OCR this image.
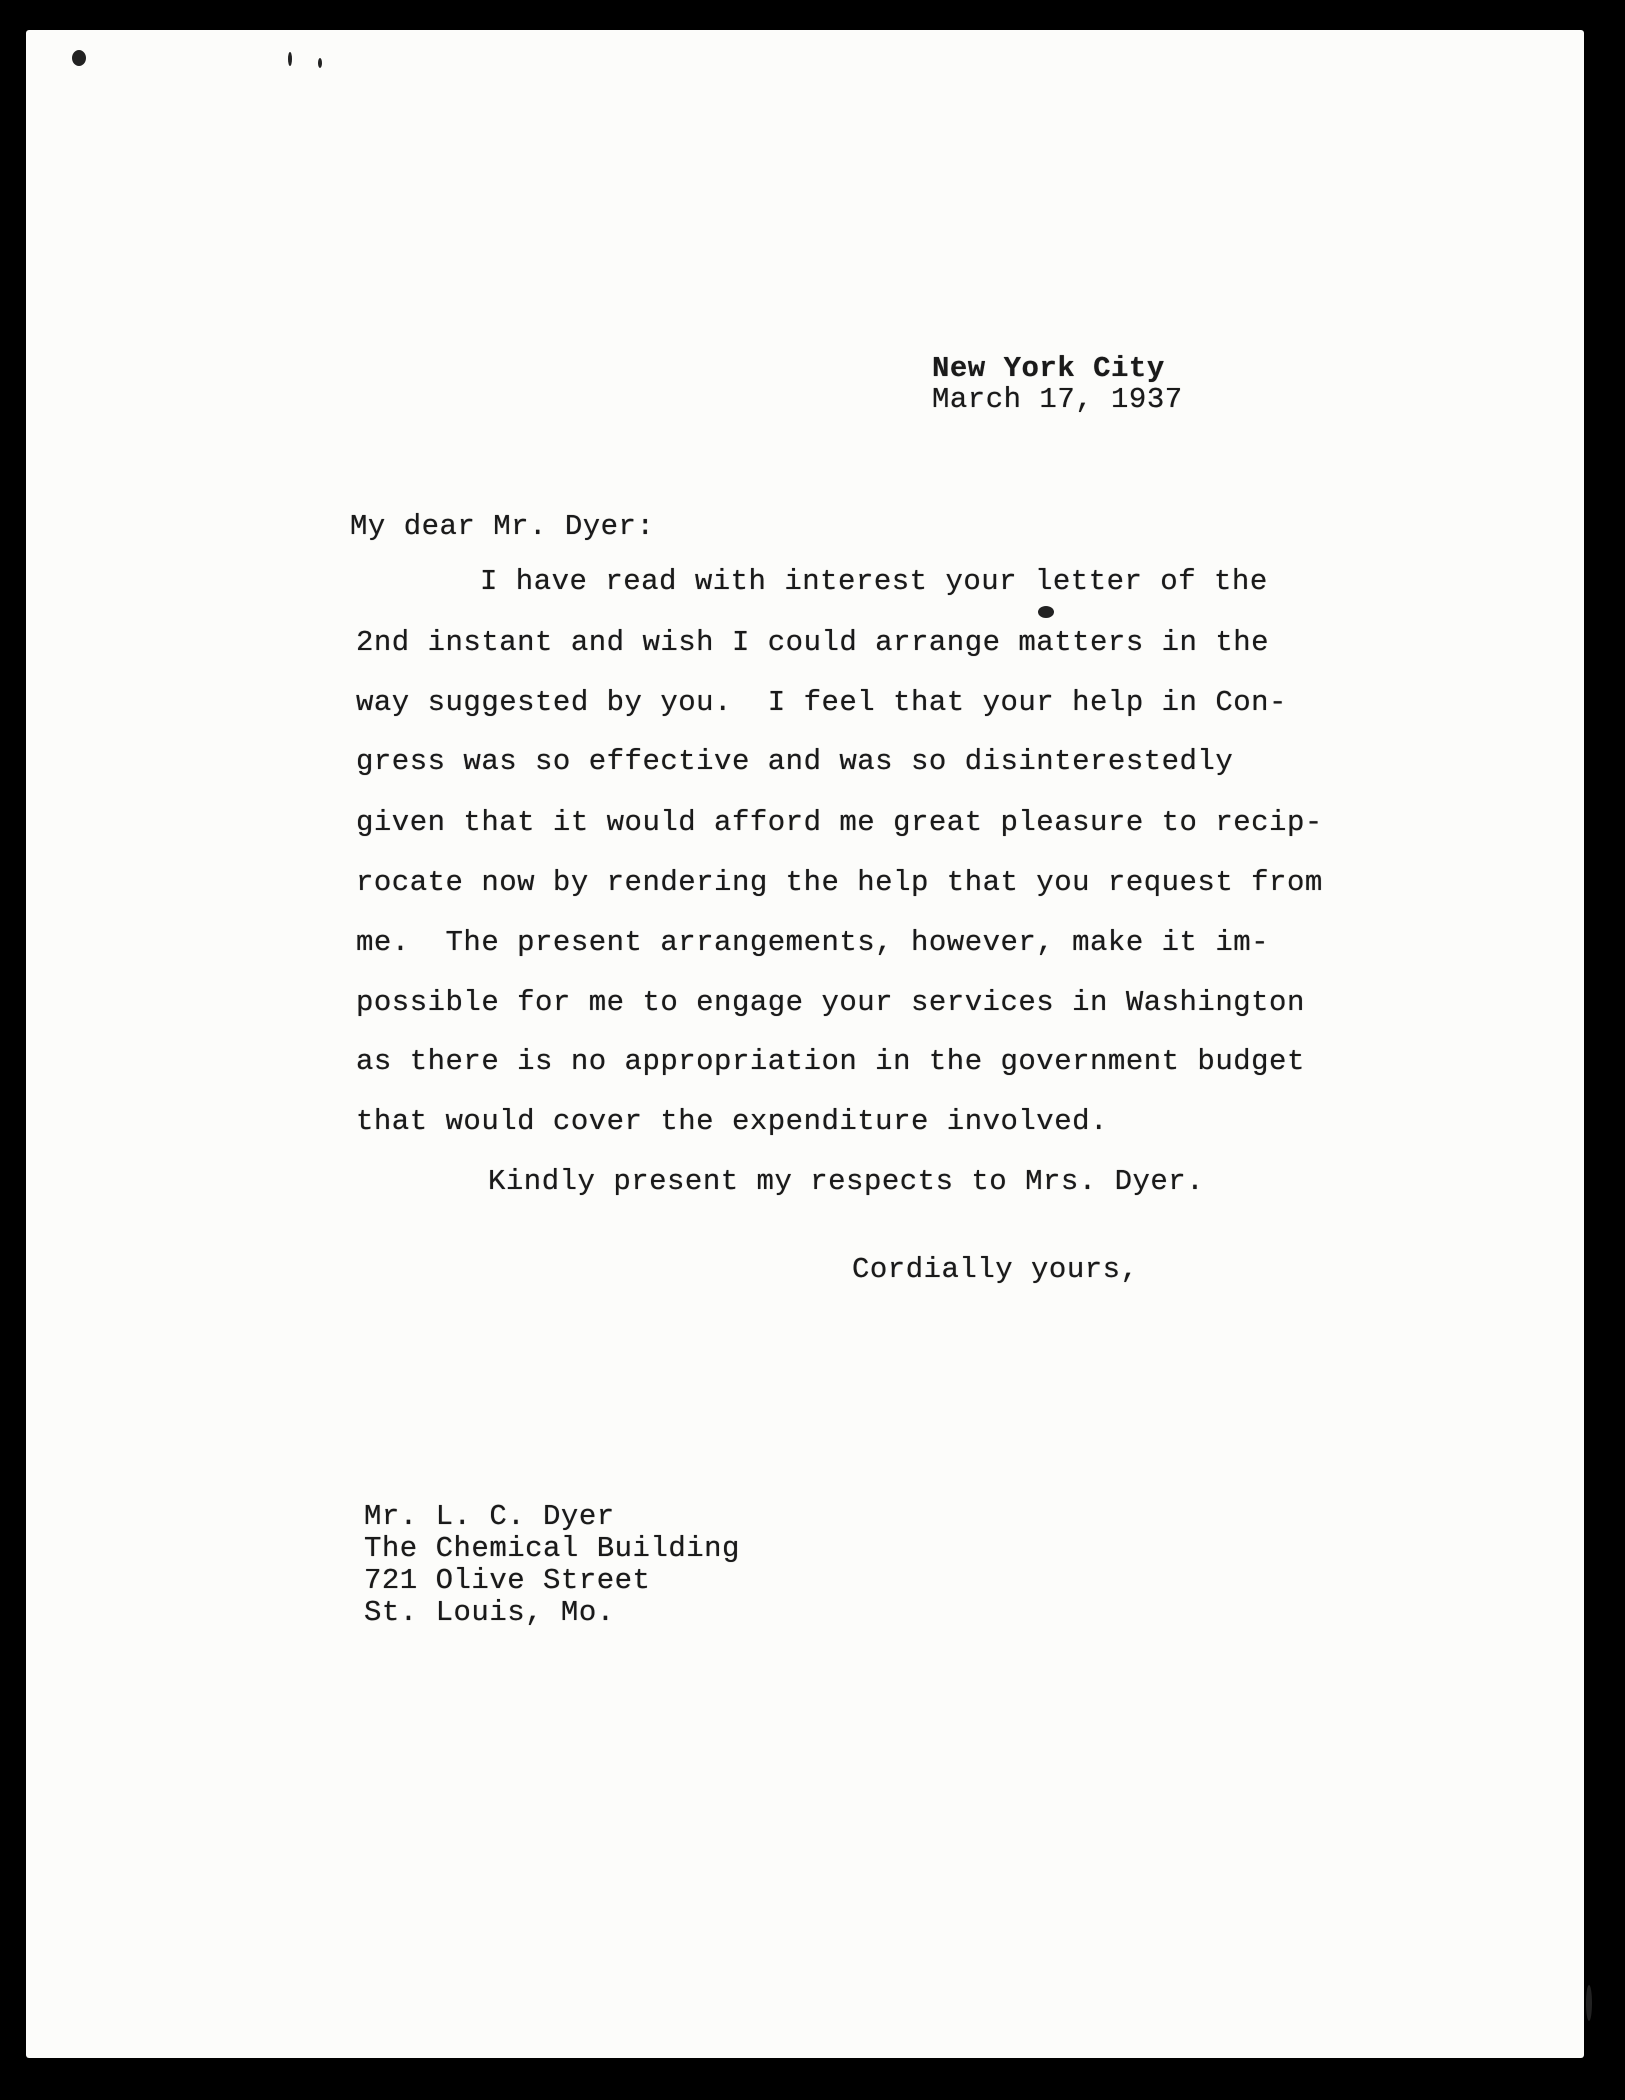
New York City
March 17, 1937
My dear Mr. Dyer:
I have read with interest your letter of the
2nd instant and wish I could arrange matters in the
way suggested by you.  I feel that your help in Con-
gress was so effective and was so disinterestedly
given that it would afford me great pleasure to recip-
rocate now by rendering the help that you request from
me.  The present arrangements, however, make it im-
possible for me to engage your services in Washington
as there is no appropriation in the government budget
that would cover the expenditure involved.
Kindly present my respects to Mrs. Dyer.
Cordially yours,
Mr. L. C. Dyer
The Chemical Building
721 Olive Street
St. Louis, Mo.
